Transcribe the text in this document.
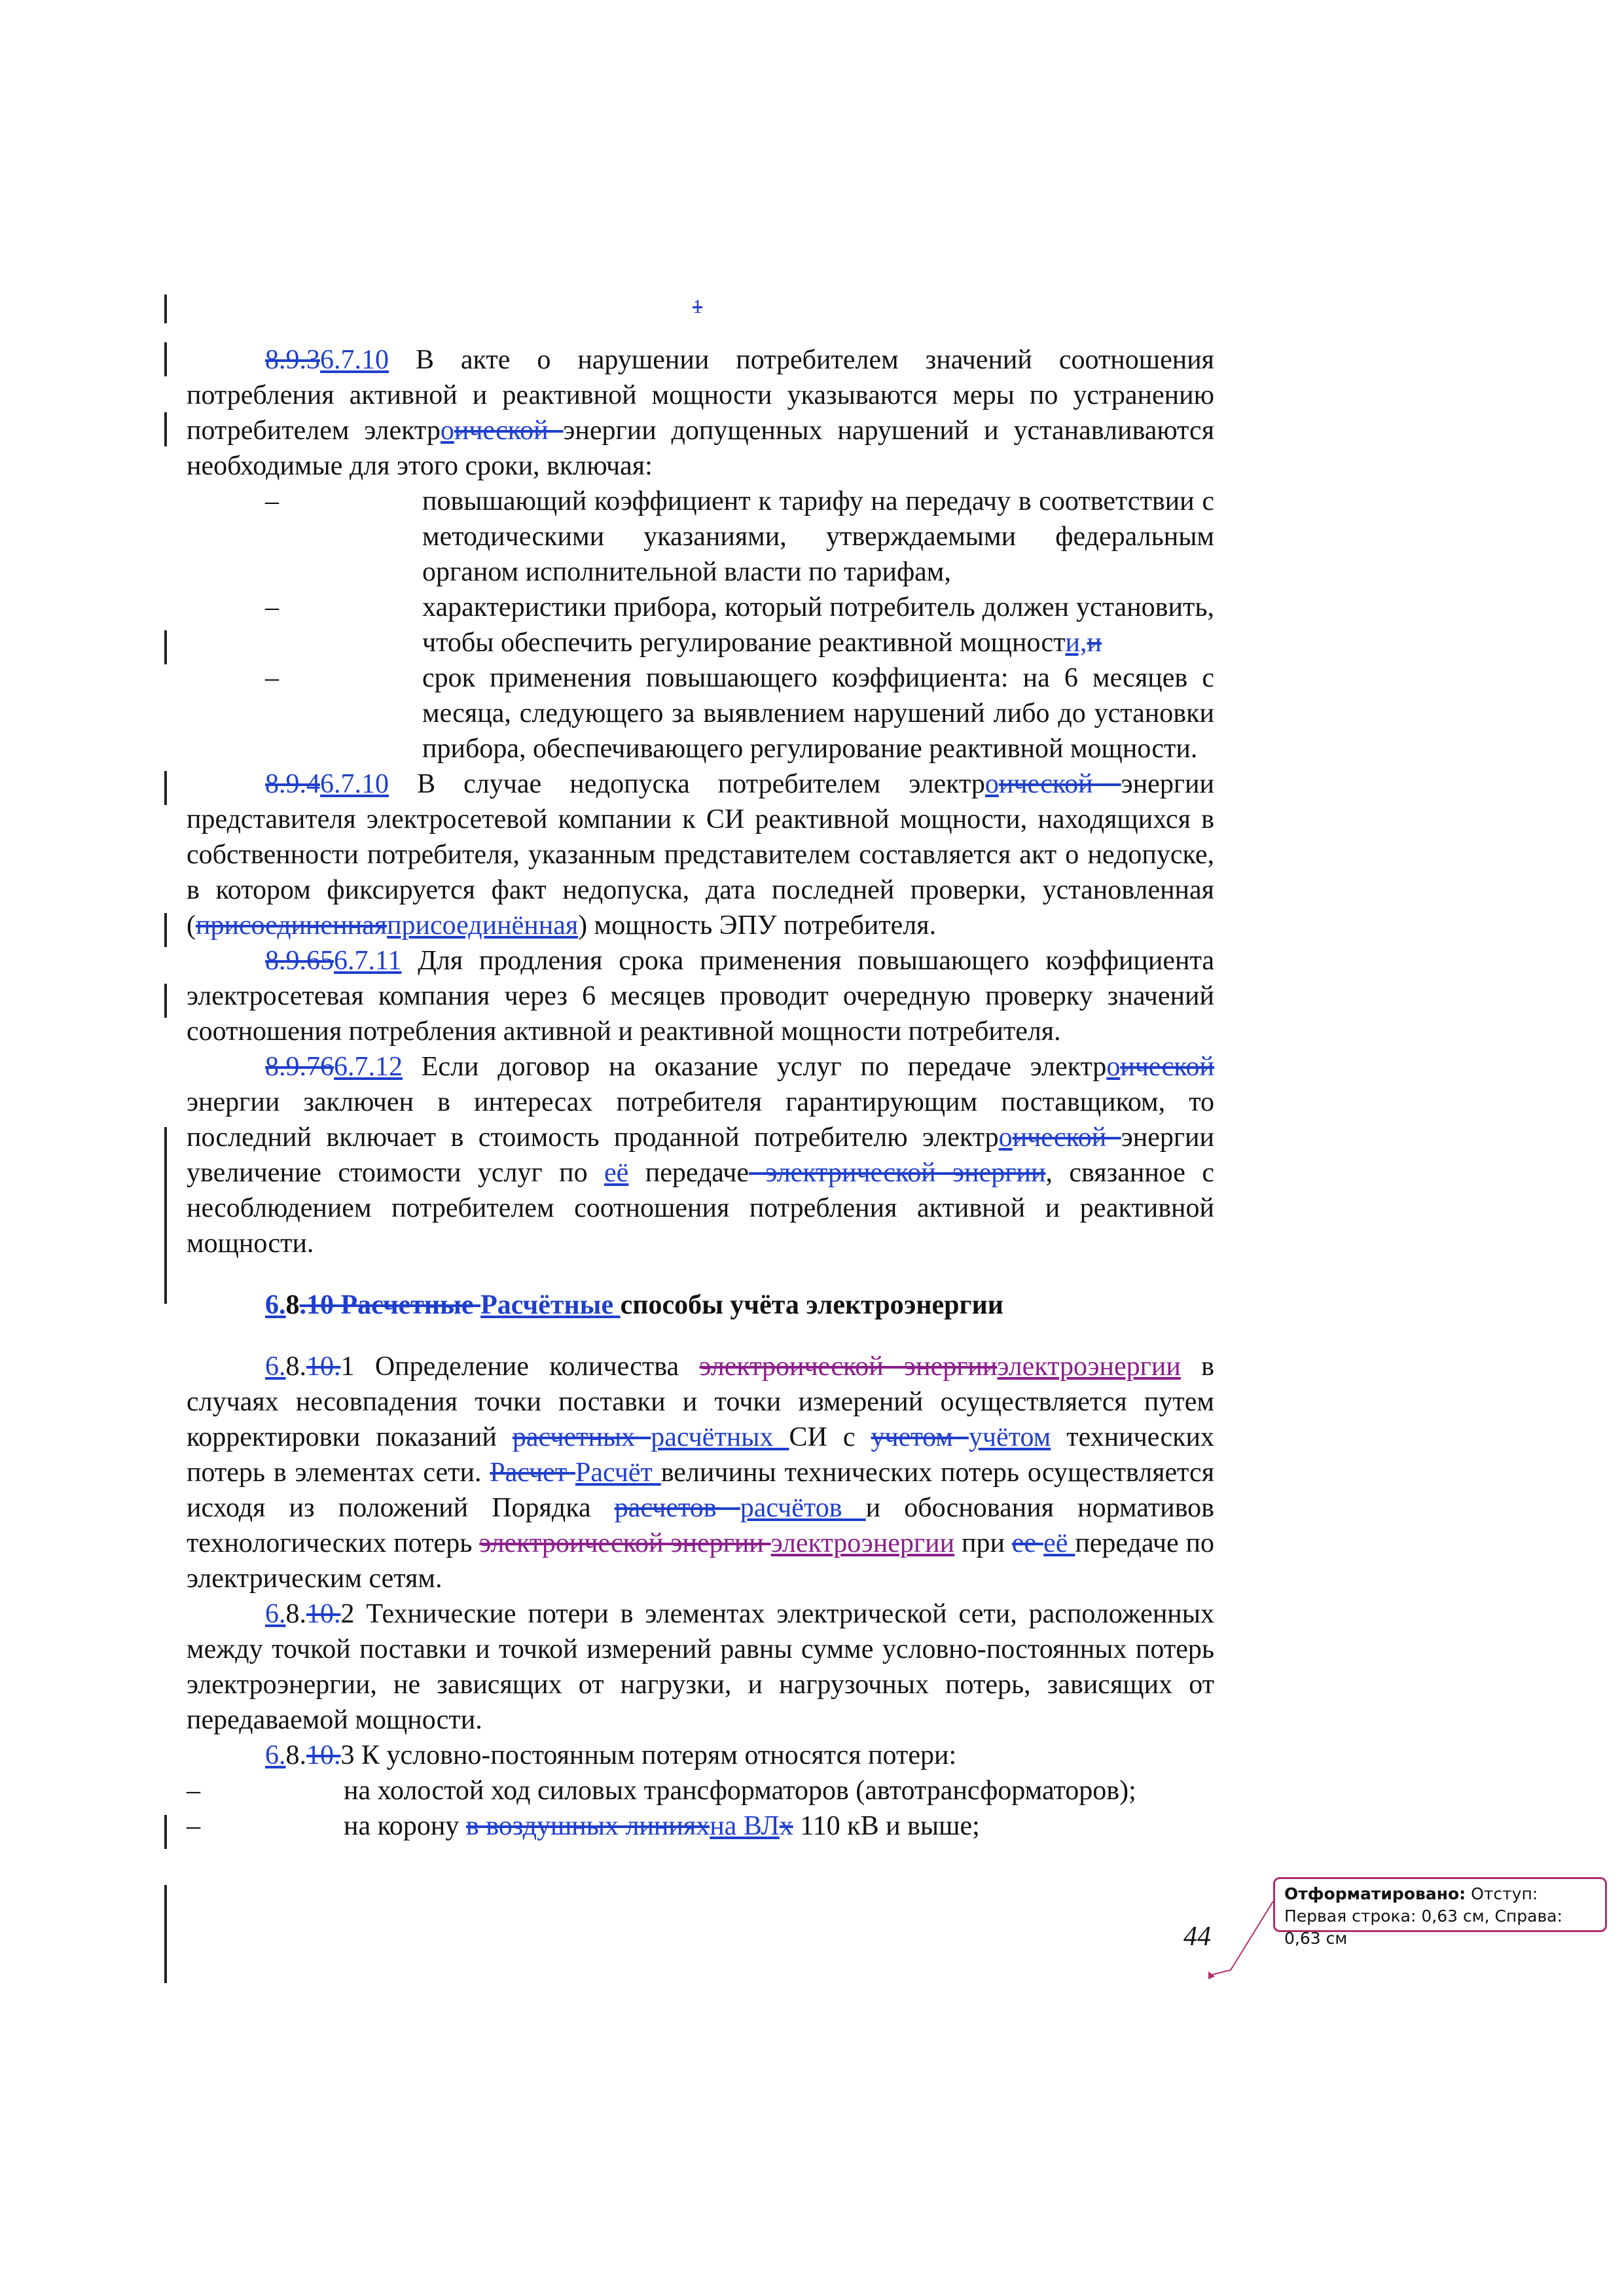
1

8.9.36.7.10 В акте о нарушении потребителем значений соотношения потребления активной и реактивной мощности указываются меры по устранению потребителем электроической энергии допущенных нарушений и устанавливаются необходимые для этого сроки, включая:

–	повышающий коэффициент к тарифу на передачу в соответствии с методическими указаниями, утверждаемыми федеральным органом исполнительной власти по тарифам,

–	характеристики прибора, который потребитель должен установить, чтобы обеспечить регулирование реактивной мощности,и

–	срок применения повышающего коэффициента: на 6 месяцев с месяца, следующего за выявлением нарушений либо до установки прибора, обеспечивающего регулирование реактивной мощности.

8.9.46.7.10 В случае недопуска потребителем электроической энергии представителя электросетевой компании к СИ реактивной мощности, находящихся в собственности потребителя, указанным представителем составляется акт о недопуске, в котором фиксируется факт недопуска, дата последней проверки, установленная (присоединеннаяприсоединённая) мощность ЭПУ потребителя.

8.9.656.7.11 Для продления срока применения повышающего коэффициента электросетевая компания через 6 месяцев проводит очередную проверку значений соотношения потребления активной и реактивной мощности потребителя.

8.9.766.7.12 Если договор на оказание услуг по передаче электроической энергии заключен в интересах потребителя гарантирующим поставщиком, то последний включает в стоимость проданной потребителю электроической энергии увеличение стоимости услуг по её передаче электрической энергии, связанное с несоблюдением потребителем соотношения потребления активной и реактивной мощности.

6.8.10 Расчетные Расчётные способы учёта электроэнергии

6.8.10.1 Определение количества электроической энергииэлектроэнергии в случаях несовпадения точки поставки и точки измерений осуществляется путем корректировки показаний расчетных расчётных СИ с учетом учётом технических потерь в элементах сети. Расчет Расчёт величины технических потерь осуществляется исходя из положений Порядка расчетов расчётов и обоснования нормативов технологических потерь электроической энергии электроэнергии при ее её передаче по электрическим сетям.

6.8.10.2 Технические потери в элементах электрической сети, расположенных между точкой поставки и точкой измерений равны сумме условно-постоянных потерь электроэнергии, не зависящих от нагрузки, и нагрузочных потерь, зависящих от передаваемой мощности.

6.8.10.3 К условно-постоянным потерям относятся потери:

–	на холостой ход силовых трансформаторов (автотрансформаторов);

–	на корону в воздушных линияхна ВЛх 110 кВ и выше;

44
Отформатировано: Отступ: Первая строка: 0,63 см, Справа: 0,63 см
